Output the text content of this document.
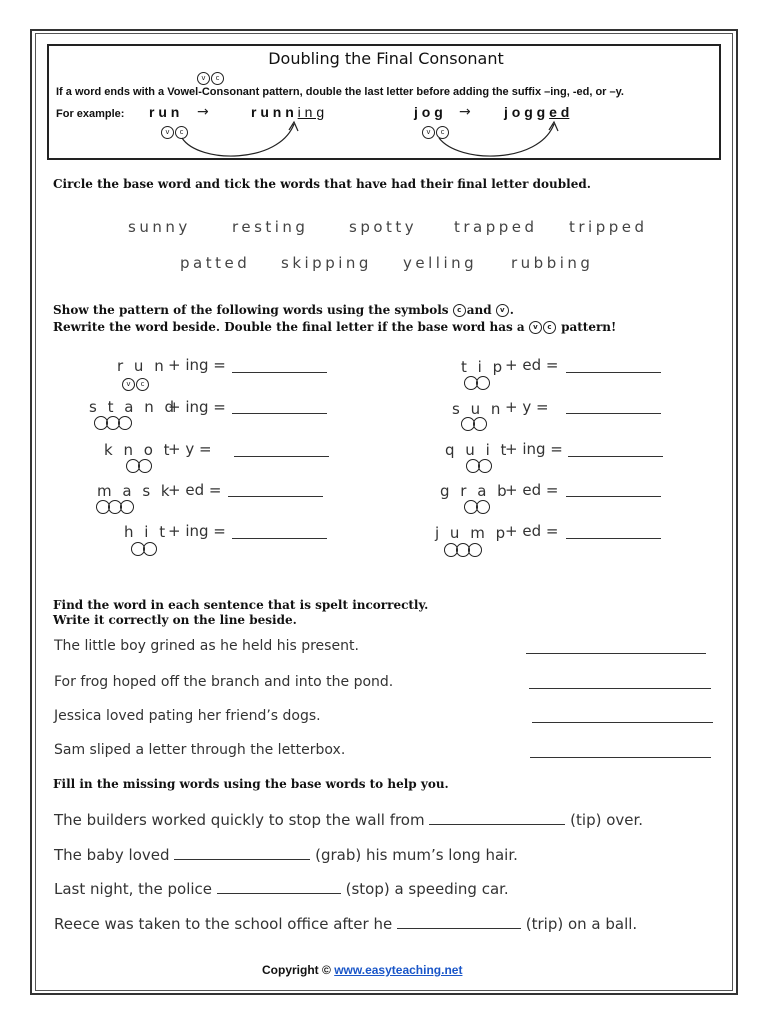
Doubling the Final Consonant
v c
If a word ends with a Vowel-Consonant pattern, double the last letter before adding the suffix –ing, -ed, or –y.
For example: r u n →	r u n n i n g
v c
j o g → j o g g e d
v c
Circle the base word and tick the words that have had their final letter doubled.
sunny	resting	spotty trapped tripped
patted skipping yelling rubbing
Show the pattern of the following words using the symbols c and v .
Rewrite the word beside. Double the final letter if the base word has a v c pattern!
r u n
v c
+ ing =
s t a n d
+ ing =
k n o t
+ y =
m a s k
+ ed =
h i t + ing =
t i p + ed =
s u n + y =
q u i t
+ ing =
g r a b
+ ed =
j u m p
+ ed =
Find the word in each sentence that is spelt incorrectly.
Write it correctly on the line beside.
The little boy grined as he held his present.
For frog hoped off the branch and into the pond.
Jessica loved pating her friend’s dogs.
Sam sliped a letter through the letterbox.
Fill in the missing words using the base words to help you.
The builders worked quickly to stop the wall from	(tip) over.
The baby loved	(grab) his mum’s long hair.
Last night, the police	(stop) a speeding car.
Reece was taken to the school office after he	(trip) on a ball.
Copyright © www.easyteaching.net
